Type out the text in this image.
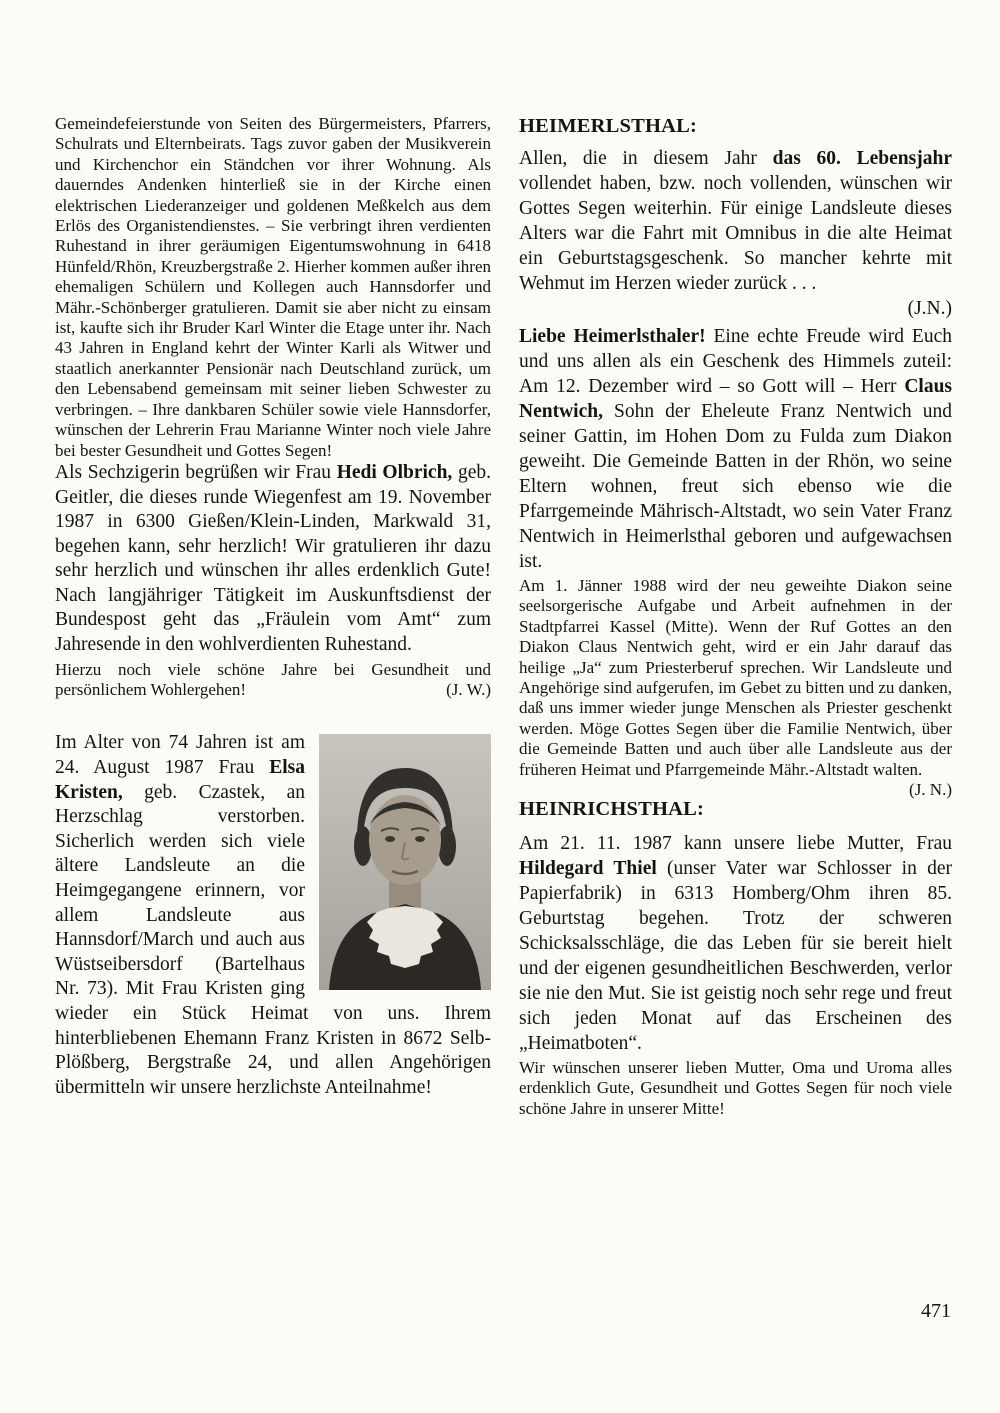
Gemeindefeierstunde von Seiten des Bürgermeisters, Pfarrers, Schulrats und Elternbeirats. Tags zuvor gaben der Musikverein und Kirchenchor ein Ständchen vor ihrer Wohnung. Als dauerndes Andenken hinterließ sie in der Kirche einen elektrischen Liederanzeiger und goldenen Meßkelch aus dem Erlös des Organistendienstes. – Sie verbringt ihren verdienten Ruhestand in ihrer geräumigen Eigentumswohnung in 6418 Hünfeld/Rhön, Kreuzbergstraße 2. Hierher kommen außer ihren ehemaligen Schülern und Kollegen auch Hannsdorfer und Mähr.-Schönberger gratulieren. Damit sie aber nicht zu einsam ist, kaufte sich ihr Bruder Karl Winter die Etage unter ihr. Nach 43 Jahren in England kehrt der Winter Karli als Witwer und staatlich anerkannter Pensionär nach Deutschland zurück, um den Lebensabend gemeinsam mit seiner lieben Schwester zu verbringen. – Ihre dankbaren Schüler sowie viele Hannsdorfer, wünschen der Lehrerin Frau Marianne Winter noch viele Jahre bei bester Gesundheit und Gottes Segen!

Als Sechzigerin begrüßen wir Frau Hedi Olbrich, geb. Geitler, die dieses runde Wiegenfest am 19. November 1987 in 6300 Gießen/Klein-Linden, Markwald 31, begehen kann, sehr herzlich! Wir gratulieren ihr dazu sehr herzlich und wünschen ihr alles erdenklich Gute! Nach langjähriger Tätigkeit im Auskunftsdienst der Bundespost geht das „Fräulein vom Amt“ zum Jahresende in den wohlverdienten Ruhestand.

Hierzu noch viele schöne Jahre bei Gesundheit und persönlichem Wohlergehen!	(J. W.)

Im Alter von 74 Jahren ist am 24. August 1987 Frau Elsa Kristen, geb. Czastek, an Herzschlag verstorben. Sicherlich werden sich viele ältere Landsleute an die Heimgegangene erinnern, vor allem Landsleute aus Hannsdorf/March und auch aus Wüstseibersdorf (Bartelhaus Nr. 73). Mit Frau Kristen ging wieder ein Stück Heimat von uns. Ihrem hinterbliebenen Ehemann Franz Kristen in 8672 Selb-Plößberg, Bergstraße 24, und allen Angehörigen übermitteln wir unsere herzlichste Anteilnahme!

HEIMERLSTHAL:

Allen, die in diesem Jahr das 60. Lebensjahr vollendet haben, bzw. noch vollenden, wünschen wir Gottes Segen weiterhin. Für einige Landsleute dieses Alters war die Fahrt mit Omnibus in die alte Heimat ein Geburtstagsgeschenk. So mancher kehrte mit Wehmut im Herzen wieder zurück . . .

(J.N.)

Liebe Heimerlsthaler! Eine echte Freude wird Euch und uns allen als ein Geschenk des Himmels zuteil: Am 12. Dezember wird – so Gott will – Herr Claus Nentwich, Sohn der Eheleute Franz Nentwich und seiner Gattin, im Hohen Dom zu Fulda zum Diakon geweiht. Die Gemeinde Batten in der Rhön, wo seine Eltern wohnen, freut sich ebenso wie die Pfarrgemeinde Mährisch-Altstadt, wo sein Vater Franz Nentwich in Heimerlsthal geboren und aufgewachsen ist.

Am 1. Jänner 1988 wird der neu geweihte Diakon seine seelsorgerische Aufgabe und Arbeit aufnehmen in der Stadtpfarrei Kassel (Mitte). Wenn der Ruf Gottes an den Diakon Claus Nentwich geht, wird er ein Jahr darauf das heilige „Ja“ zum Priesterberuf sprechen. Wir Landsleute und Angehörige sind aufgerufen, im Gebet zu bitten und zu danken, daß uns immer wieder junge Menschen als Priester geschenkt werden. Möge Gottes Segen über die Familie Nentwich, über die Gemeinde Batten und auch über alle Landsleute aus der früheren Heimat und Pfarrgemeinde Mähr.-Altstadt walten.
(J. N.)

HEINRICHSTHAL:

Am 21. 11. 1987 kann unsere liebe Mutter, Frau Hildegard Thiel (unser Vater war Schlosser in der Papierfabrik) in 6313 Homberg/Ohm ihren 85. Geburtstag begehen. Trotz der schweren Schicksalsschläge, die das Leben für sie bereit hielt und der eigenen gesundheitlichen Beschwerden, verlor sie nie den Mut. Sie ist geistig noch sehr rege und freut sich jeden Monat auf das Erscheinen des „Heimatboten“.

Wir wünschen unserer lieben Mutter, Oma und Uroma alles erdenklich Gute, Gesundheit und Gottes Segen für noch viele schöne Jahre in unserer Mitte!

471
